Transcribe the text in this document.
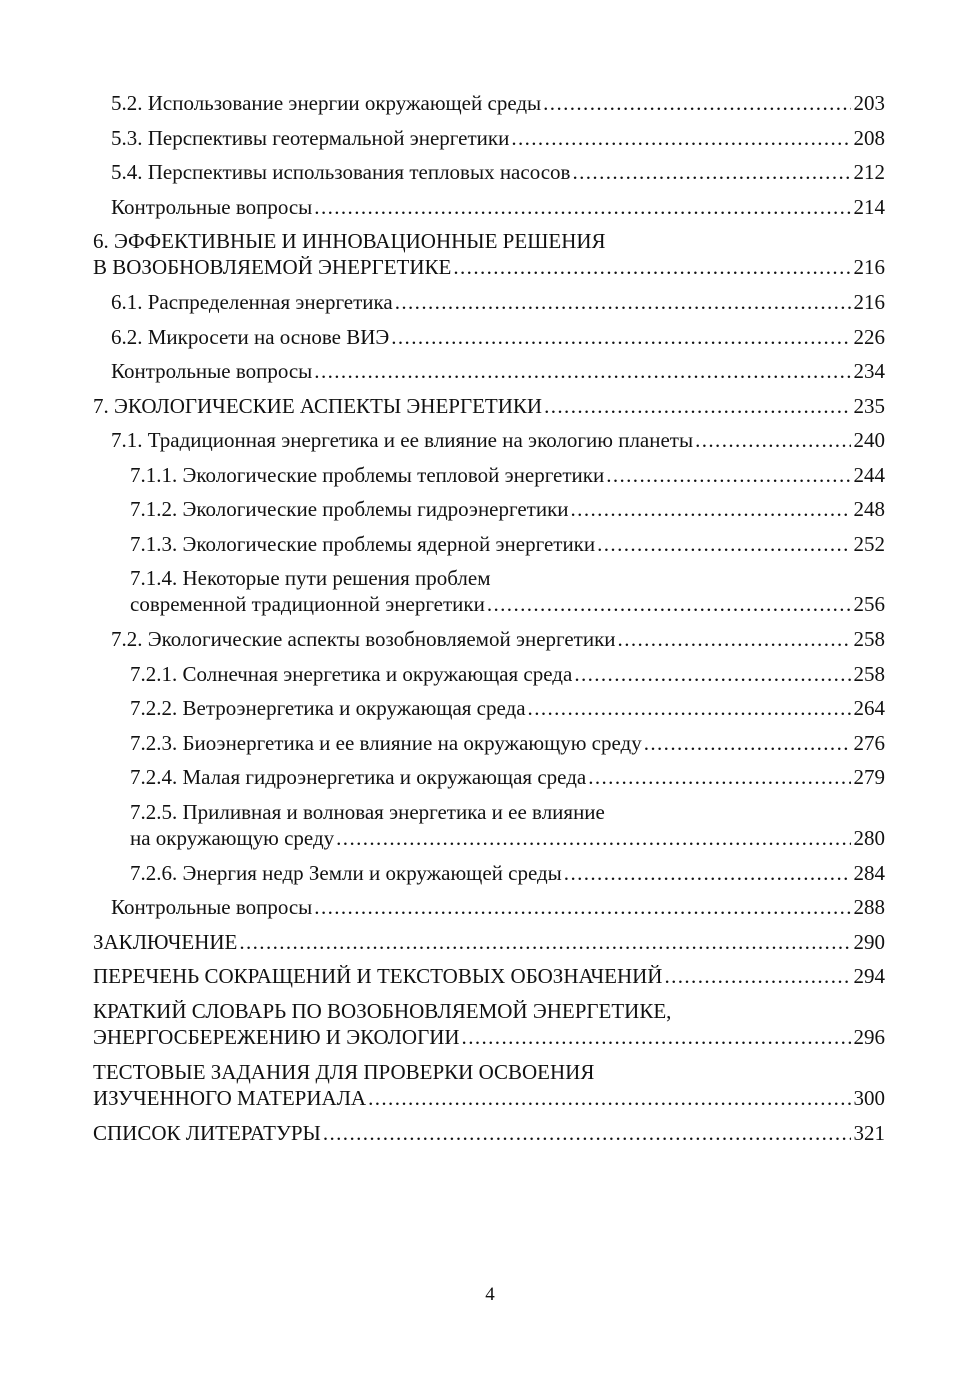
5.2. Использование энергии окружающей среды .....	203
5.3. Перспективы геотермальной энергетики .....	208
5.4. Перспективы использования тепловых насосов .....	212
Контрольные вопросы .....	214
6. ЭФФЕКТИВНЫЕ И ИННОВАЦИОННЫЕ РЕШЕНИЯ
В ВОЗОБНОВЛЯЕМОЙ ЭНЕРГЕТИКЕ .....	216
6.1. Распределенная энергетика .....	216
6.2. Микросети на основе ВИЭ .....	226
Контрольные вопросы .....	234
7. ЭКОЛОГИЧЕСКИЕ АСПЕКТЫ ЭНЕРГЕТИКИ .....	235
7.1. Традиционная энергетика и ее влияние на экологию планеты .....	240
7.1.1. Экологические проблемы тепловой энергетики .....	244
7.1.2. Экологические проблемы гидроэнергетики .....	248
7.1.3. Экологические проблемы ядерной энергетики .....	252
7.1.4. Некоторые пути решения проблем
современной традиционной энергетики .....	256
7.2. Экологические аспекты возобновляемой энергетики .....	258
7.2.1. Солнечная энергетика и окружающая среда .....	258
7.2.2. Ветроэнергетика и окружающая среда .....	264
7.2.3. Биоэнергетика и ее влияние на окружающую среду .....	276
7.2.4. Малая гидроэнергетика и окружающая среда .....	279
7.2.5. Приливная и волновая энергетика и ее влияние
на окружающую среду .....	280
7.2.6. Энергия недр Земли и окружающей среды .....	284
Контрольные вопросы .....	288
ЗАКЛЮЧЕНИЕ .....	290
ПЕРЕЧЕНЬ СОКРАЩЕНИЙ И ТЕКСТОВЫХ ОБОЗНАЧЕНИЙ .....	294
КРАТКИЙ СЛОВАРЬ ПО ВОЗОБНОВЛЯЕМОЙ ЭНЕРГЕТИКЕ,
ЭНЕРГОСБЕРЕЖЕНИЮ И ЭКОЛОГИИ .....	296
ТЕСТОВЫЕ ЗАДАНИЯ ДЛЯ ПРОВЕРКИ ОСВОЕНИЯ
ИЗУЧЕННОГО МАТЕРИАЛА .....	300
СПИСОК ЛИТЕРАТУРЫ .....	321
4
